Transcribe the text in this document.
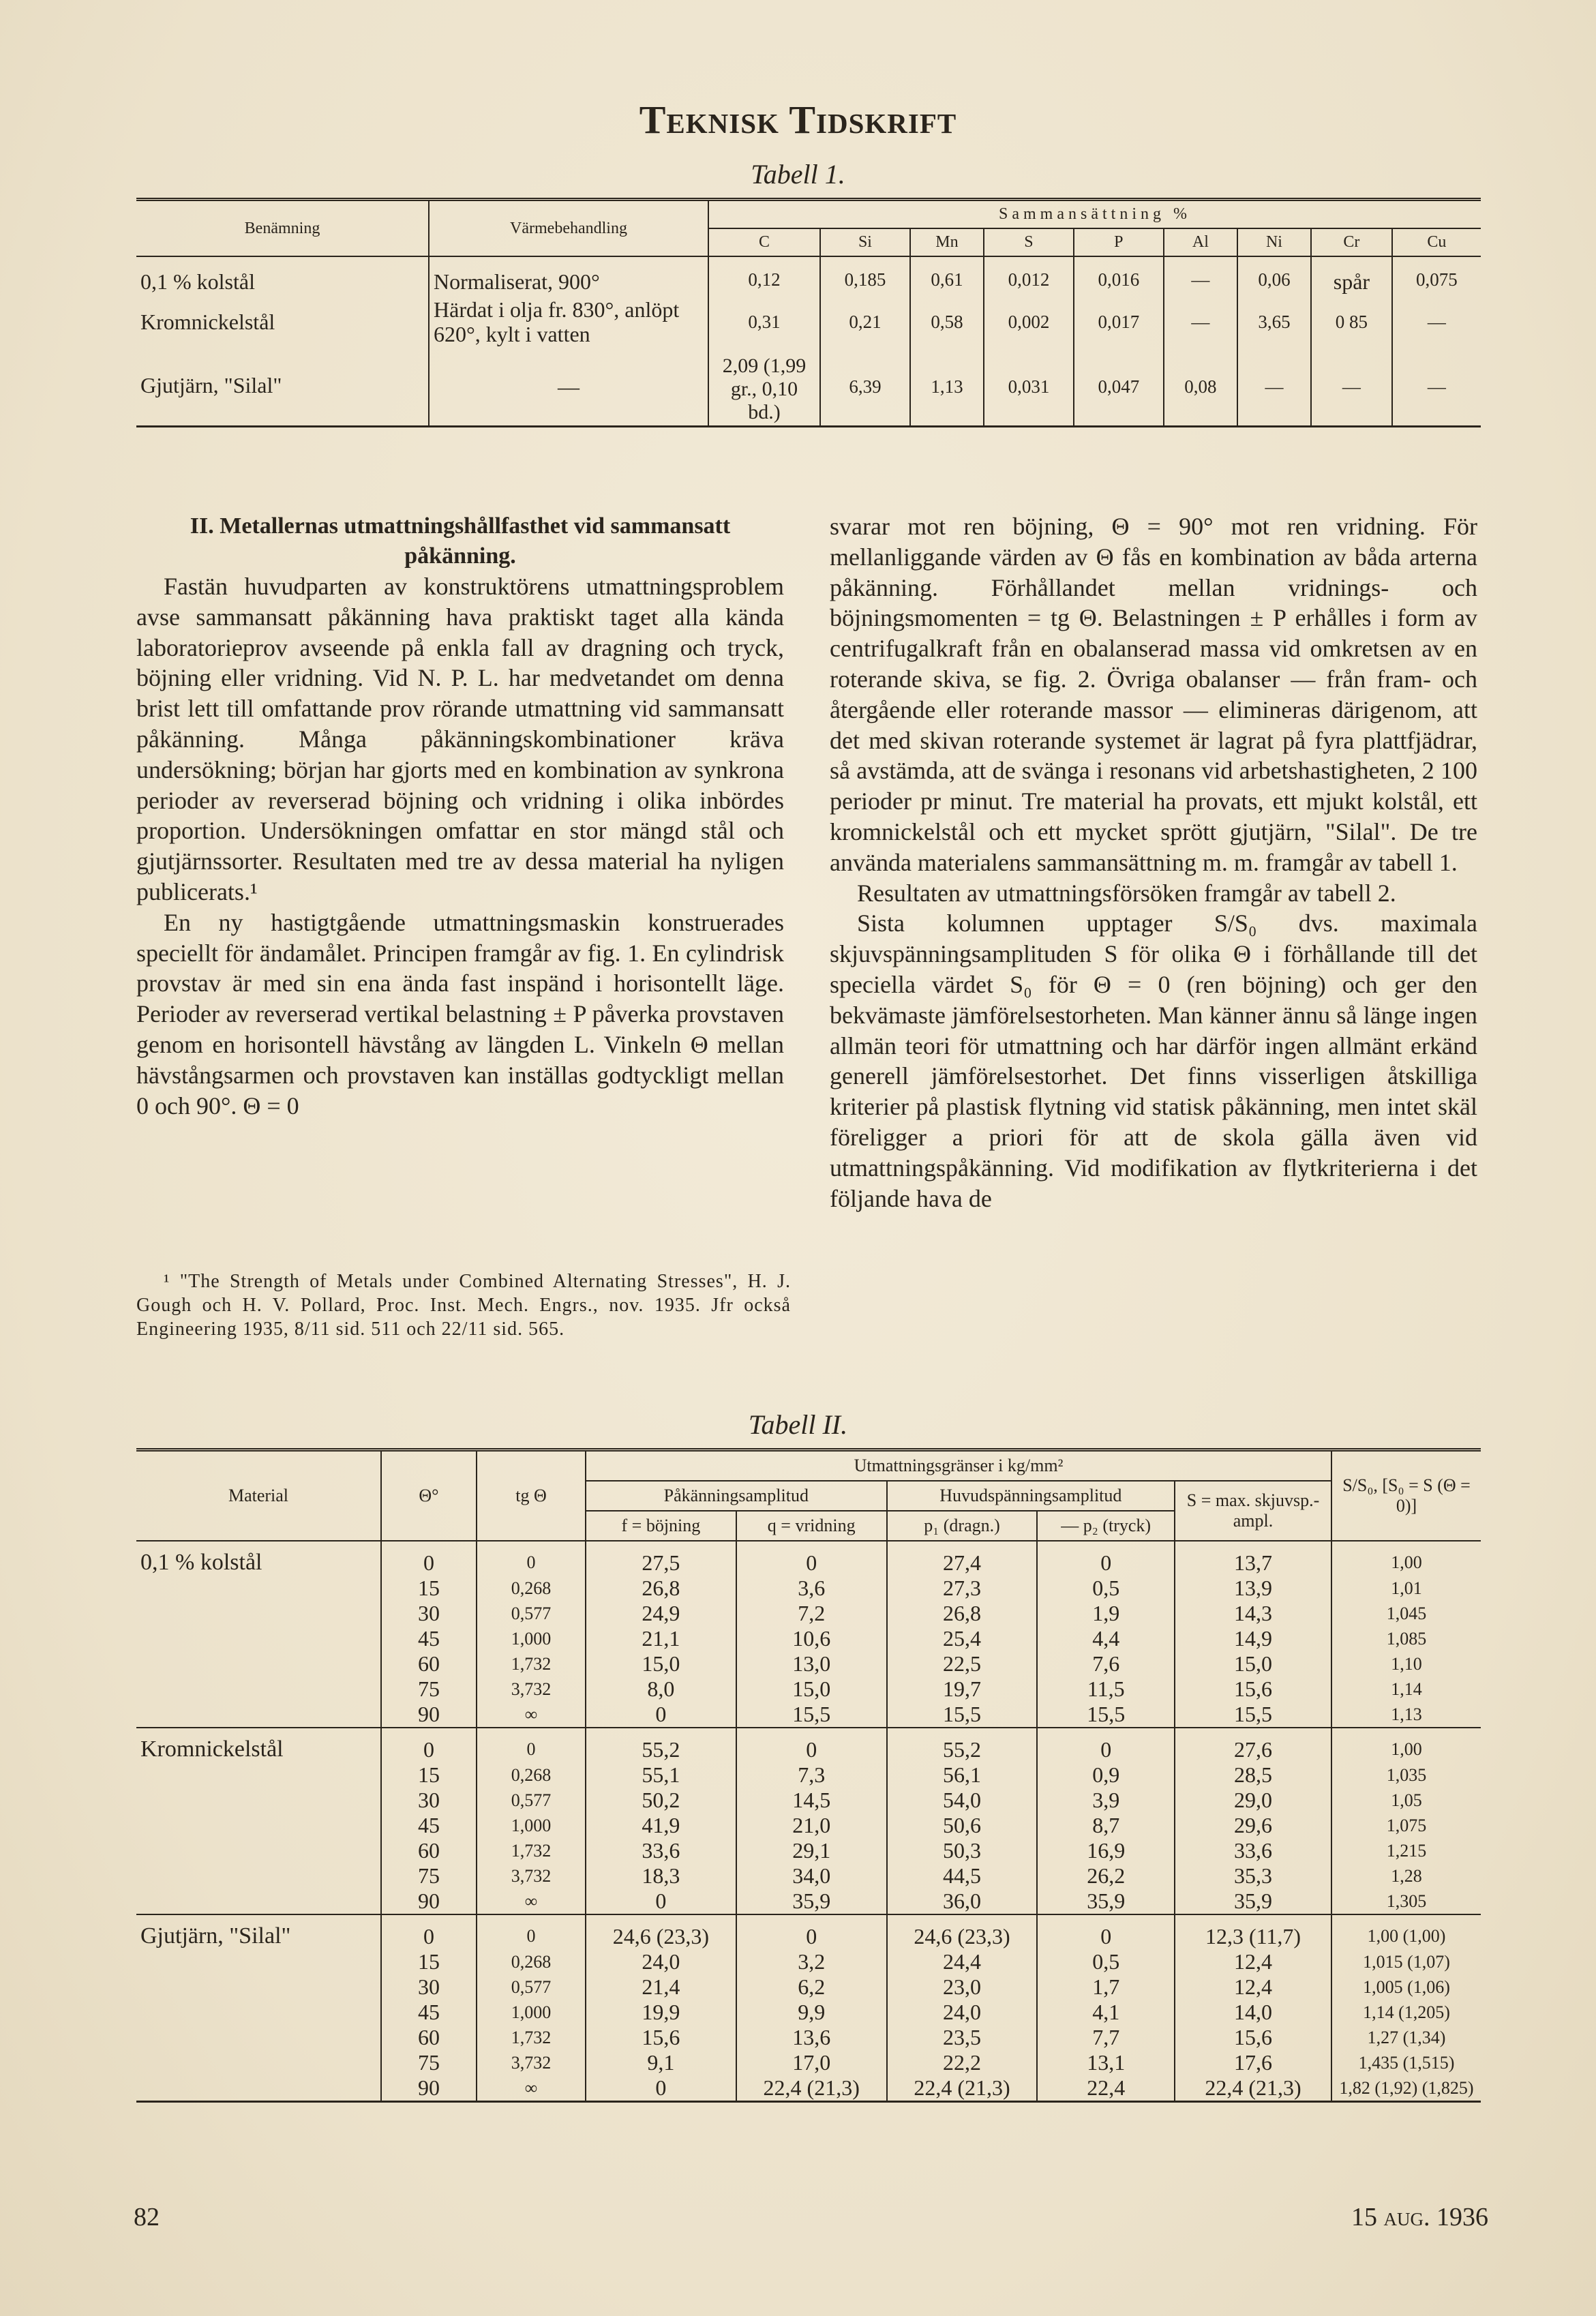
Teknisk Tidskrift
Tabell 1.
Benämning	Värmebehandling	Sammansättning %								
		C	Si	Mn	S	P	Al	Ni	Cr	Cu
0,1 % kolstål	Normaliserat, 900°	0,12	0,185	0,61	0,012	0,016	—	0,06	spår	0,075
Kromnickelstål	Härdat i olja fr. 830°, anlöpt 620°, kylt i vatten	0,31	0,21	0,58	0,002	0,017	—	3,65	0 85	—
Gjutjärn, "Silal"	—	2,09 (1,99 gr., 0,10 bd.)	6,39	1,13	0,031	0,047	0,08	—	—	—

II. Metallernas utmattningshållfasthet vid sammansatt påkänning.

Fastän huvudparten av konstruktörens utmattningsproblem avse sammansatt påkänning hava praktiskt taget alla kända laboratorieprov avseende på enkla fall av dragning och tryck, böjning eller vridning. Vid N. P. L. har medvetandet om denna brist lett till omfattande prov rörande utmattning vid sammansatt påkänning. Många påkänningskombinationer kräva undersökning; början har gjorts med en kombination av synkrona perioder av reverserad böjning och vridning i olika inbördes proportion. Undersökningen omfattar en stor mängd stål och gjutjärnssorter. Resultaten med tre av dessa material ha nyligen publicerats.¹

En ny hastigtgående utmattningsmaskin konstruerades speciellt för ändamålet. Principen framgår av fig. 1. En cylindrisk provstav är med sin ena ända fast inspänd i horisontellt läge. Perioder av reverserad vertikal belastning ± P påverka provstaven genom en horisontell hävstång av längden L. Vinkeln Θ mellan hävstångsarmen och provstaven kan inställas godtyckligt mellan 0 och 90°. Θ = 0

¹ "The Strength of Metals under Combined Alternating Stresses", H. J. Gough och H. V. Pollard, Proc. Inst. Mech. Engrs., nov. 1935. Jfr också Engineering 1935, 8/11 sid. 511 och 22/11 sid. 565.

svarar mot ren böjning, Θ = 90° mot ren vridning. För mellanliggande värden av Θ fås en kombination av båda arterna påkänning. Förhållandet mellan vridnings- och böjningsmomenten = tg Θ. Belastningen ± P erhålles i form av centrifugalkraft från en obalanserad massa vid omkretsen av en roterande skiva, se fig. 2. Övriga obalanser — från fram- och återgående eller roterande massor — elimineras därigenom, att det med skivan roterande systemet är lagrat på fyra plattfjädrar, så avstämda, att de svänga i resonans vid arbetshastigheten, 2 100 perioder pr minut. Tre material ha provats, ett mjukt kolstål, ett kromnickelstål och ett mycket sprött gjutjärn, "Silal". De tre använda materialens sammansättning m. m. framgår av tabell 1.

Resultaten av utmattningsförsöken framgår av tabell 2.

Sista kolumnen upptager S/S₀ dvs. maximala skjuvspänningsamplituden S för olika Θ i förhållande till det speciella värdet S₀ för Θ = 0 (ren böjning) och ger den bekvämaste jämförelsestorheten. Man känner ännu så länge ingen allmän teori för utmattning och har därför ingen allmänt erkänd generell jämförelsestorhet. Det finns visserligen åtskilliga kriterier på plastisk flytning vid statisk påkänning, men intet skäl föreligger a priori för att de skola gälla även vid utmattningspåkänning. Vid modifikation av flytkriterierna i det följande hava de

Tabell II.
Material	Θ°	tg Θ	Utmattningsgränser i kg/mm²					S/S₀, [S₀ = S (Θ = 0)]
			Påkänningsamplitud		Huvudspänningsamplitud		S = max. skjuvsp.-ampl.	
			f = böjning	q = vridning	p₁ (dragn.)	— p₂ (tryck)		
0,1 % kolstål	0	0	27,5	0	27,4	0	13,7	1,00
	15	0,268	26,8	3,6	27,3	0,5	13,9	1,01
	30	0,577	24,9	7,2	26,8	1,9	14,3	1,045
	45	1,000	21,1	10,6	25,4	4,4	14,9	1,085
	60	1,732	15,0	13,0	22,5	7,6	15,0	1,10
	75	3,732	8,0	15,0	19,7	11,5	15,6	1,14
	90	∞	0	15,5	15,5	15,5	15,5	1,13
Kromnickelstål	0	0	55,2	0	55,2	0	27,6	1,00
	15	0,268	55,1	7,3	56,1	0,9	28,5	1,035
	30	0,577	50,2	14,5	54,0	3,9	29,0	1,05
	45	1,000	41,9	21,0	50,6	8,7	29,6	1,075
	60	1,732	33,6	29,1	50,3	16,9	33,6	1,215
	75	3,732	18,3	34,0	44,5	26,2	35,3	1,28
	90	∞	0	35,9	36,0	35,9	35,9	1,305
Gjutjärn, "Silal"	0	0	24,6 (23,3)	0	24,6 (23,3)	0	12,3 (11,7)	1,00 (1,00)
	15	0,268	24,0	3,2	24,4	0,5	12,4	1,015 (1,07)
	30	0,577	21,4	6,2	23,0	1,7	12,4	1,005 (1,06)
	45	1,000	19,9	9,9	24,0	4,1	14,0	1,14 (1,205)
	60	1,732	15,6	13,6	23,5	7,7	15,6	1,27 (1,34)
	75	3,732	9,1	17,0	22,2	13,1	17,6	1,435 (1,515)
	90	∞	0	22,4 (21,3)	22,4 (21,3)	22,4	22,4 (21,3)	1,82 (1,92) (1,825)
82	15 aug. 1936
